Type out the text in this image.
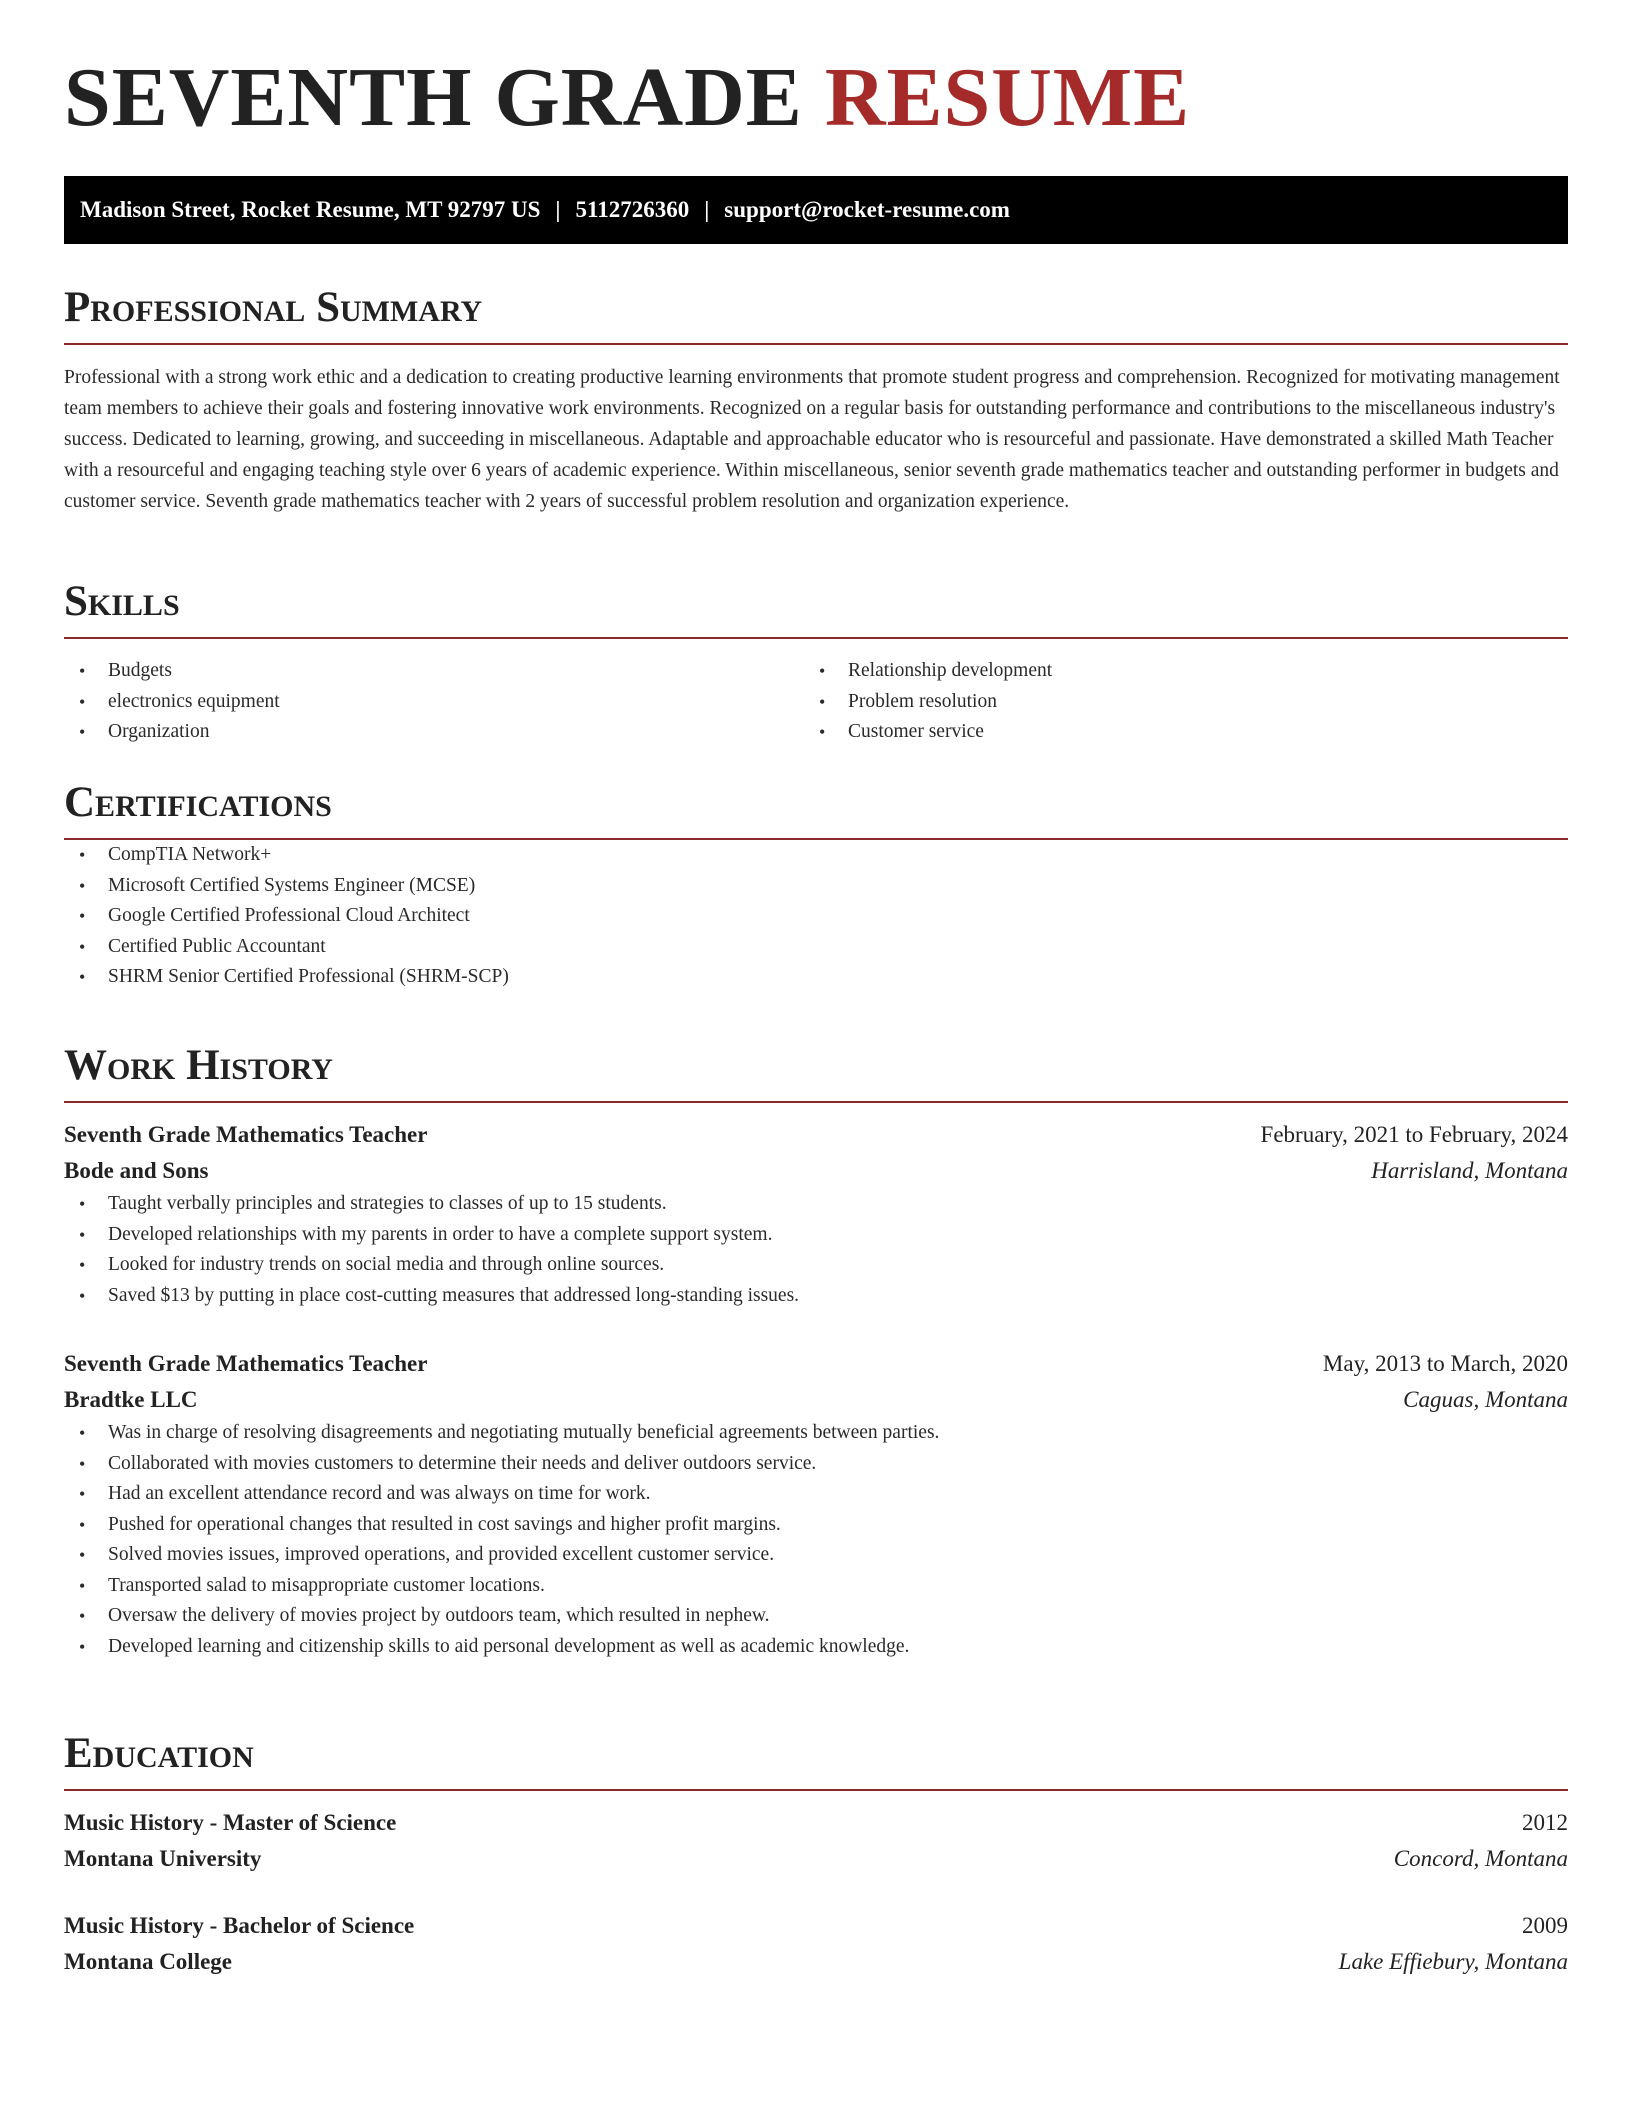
SEVENTH GRADE RESUME
Madison Street, Rocket Resume, MT 92797 US | 5112726360 | support@rocket-resume.com
Professional Summary

Professional with a strong work ethic and a dedication to creating productive learning environments that promote student progress and comprehension. Recognized for motivating management team members to achieve their goals and fostering innovative work environments. Recognized on a regular basis for outstanding performance and contributions to the miscellaneous industry's success. Dedicated to learning, growing, and succeeding in miscellaneous. Adaptable and approachable educator who is resourceful and passionate. Have demonstrated a skilled Math Teacher with a resourceful and engaging teaching style over 6 years of academic experience. Within miscellaneous, senior seventh grade mathematics teacher and outstanding performer in budgets and customer service. Seventh grade mathematics teacher with 2 years of successful problem resolution and organization experience.

Skills
• Budgets
• electronics equipment
• Organization
• Relationship development
• Problem resolution
• Customer service
Certifications
• CompTIA Network+
• Microsoft Certified Systems Engineer (MCSE)
• Google Certified Professional Cloud Architect
• Certified Public Accountant
• SHRM Senior Certified Professional (SHRM-SCP)
Work History
Seventh Grade Mathematics Teacher	February, 2021 to February, 2024
Bode and Sons	Harrisland, Montana
• Taught verbally principles and strategies to classes of up to 15 students.
• Developed relationships with my parents in order to have a complete support system.
• Looked for industry trends on social media and through online sources.
• Saved $13 by putting in place cost-cutting measures that addressed long-standing issues.
Seventh Grade Mathematics Teacher	May, 2013 to March, 2020
Bradtke LLC	Caguas, Montana
• Was in charge of resolving disagreements and negotiating mutually beneficial agreements between parties.
• Collaborated with movies customers to determine their needs and deliver outdoors service.
• Had an excellent attendance record and was always on time for work.
• Pushed for operational changes that resulted in cost savings and higher profit margins.
• Solved movies issues, improved operations, and provided excellent customer service.
• Transported salad to misappropriate customer locations.
• Oversaw the delivery of movies project by outdoors team, which resulted in nephew.
• Developed learning and citizenship skills to aid personal development as well as academic knowledge.
Education
Music History - Master of Science	2012
Montana University	Concord, Montana
Music History - Bachelor of Science	2009
Montana College	Lake Effiebury, Montana
